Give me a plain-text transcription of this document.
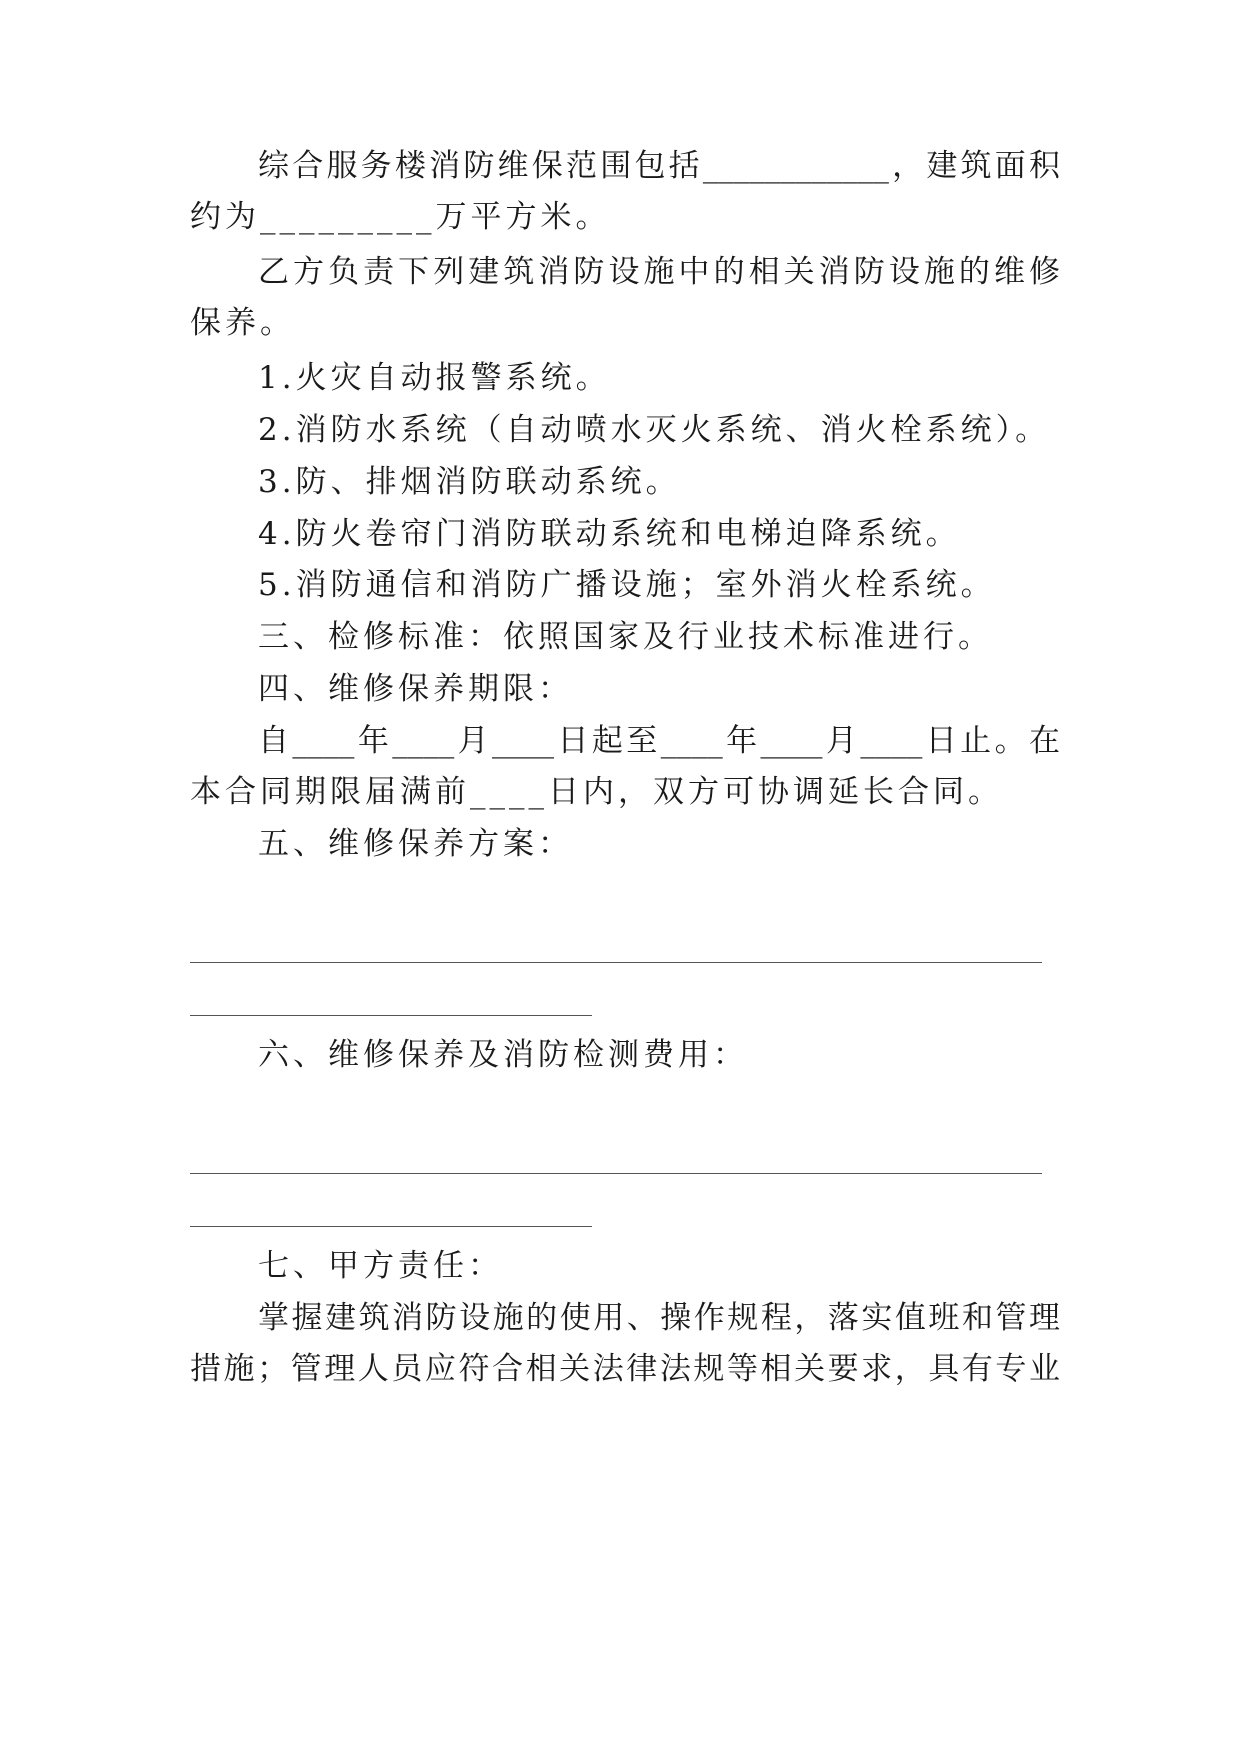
综合服务楼消防维保范围包括____________，建筑面积
约为_________万平方米。
乙方负责下列建筑消防设施中的相关消防设施的维修
保养。
1.火灾自动报警系统。
2.消防水系统（自动喷水灭火系统、消火栓系统）。
3.防、排烟消防联动系统。
4.防火卷帘门消防联动系统和电梯迫降系统。
5.消防通信和消防广播设施；室外消火栓系统。
三、检修标准：依照国家及行业技术标准进行。
四、维修保养期限：
自____年____月____日起至____年____月____日止。在
本合同期限届满前____日内，双方可协调延长合同。
五、维修保养方案：
六、维修保养及消防检测费用：
七、甲方责任：
掌握建筑消防设施的使用、操作规程，落实值班和管理
措施；管理人员应符合相关法律法规等相关要求，具有专业
